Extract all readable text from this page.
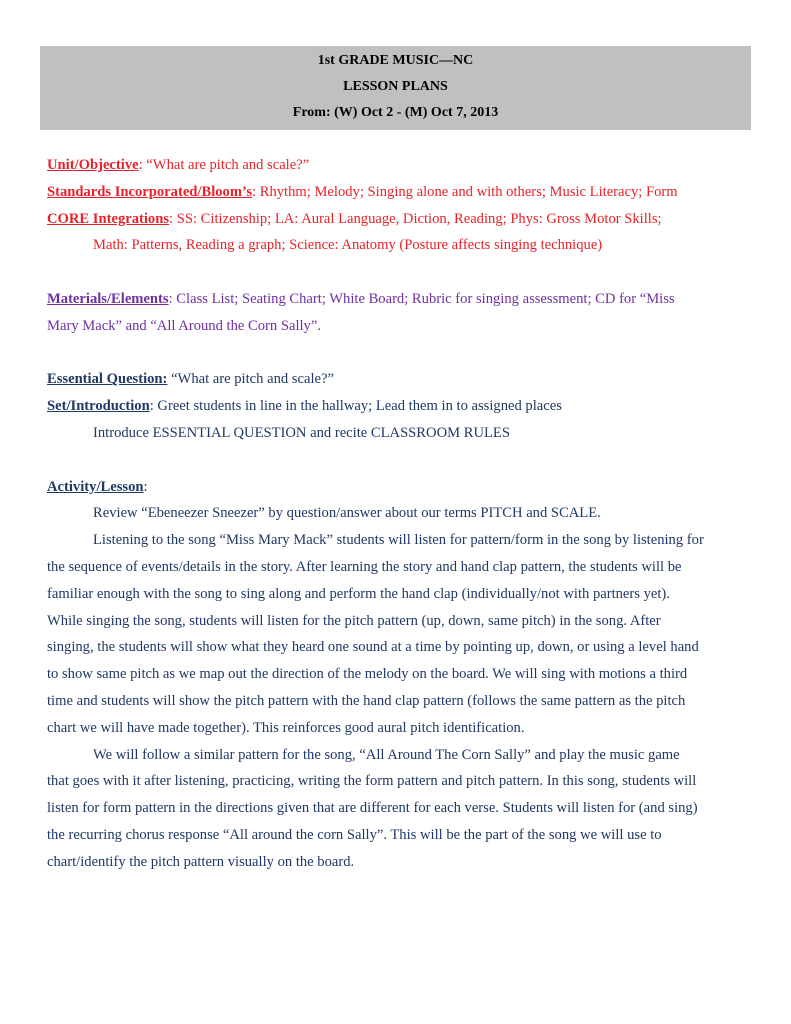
1st GRADE MUSIC—NC
LESSON PLANS
From: (W) Oct 2 - (M) Oct 7, 2013
Unit/Objective: “What are pitch and scale?”
Standards Incorporated/Bloom’s: Rhythm; Melody; Singing alone and with others; Music Literacy; Form
CORE Integrations: SS: Citizenship; LA: Aural Language, Diction, Reading; Phys: Gross Motor Skills;
Math: Patterns, Reading a graph; Science: Anatomy (Posture affects singing technique)
Materials/Elements: Class List; Seating Chart; White Board; Rubric for singing assessment; CD for “Miss
Mary Mack” and “All Around the Corn Sally”.
Essential Question: “What are pitch and scale?”
Set/Introduction: Greet students in line in the hallway; Lead them in to assigned places
Introduce ESSENTIAL QUESTION and recite CLASSROOM RULES
Activity/Lesson:
Review “Ebeneezer Sneezer” by question/answer about our terms PITCH and SCALE.
Listening to the song “Miss Mary Mack” students will listen for pattern/form in the song by listening for
the sequence of events/details in the story. After learning the story and hand clap pattern, the students will be
familiar enough with the song to sing along and perform the hand clap (individually/not with partners yet).
While singing the song, students will listen for the pitch pattern (up, down, same pitch) in the song. After
singing, the students will show what they heard one sound at a time by pointing up, down, or using a level hand
to show same pitch as we map out the direction of the melody on the board. We will sing with motions a third
time and students will show the pitch pattern with the hand clap pattern (follows the same pattern as the pitch
chart we will have made together). This reinforces good aural pitch identification.
We will follow a similar pattern for the song, “All Around The Corn Sally” and play the music game
that goes with it after listening, practicing, writing the form pattern and pitch pattern. In this song, students will
listen for form pattern in the directions given that are different for each verse. Students will listen for (and sing)
the recurring chorus response “All around the corn Sally”. This will be the part of the song we will use to
chart/identify the pitch pattern visually on the board.
